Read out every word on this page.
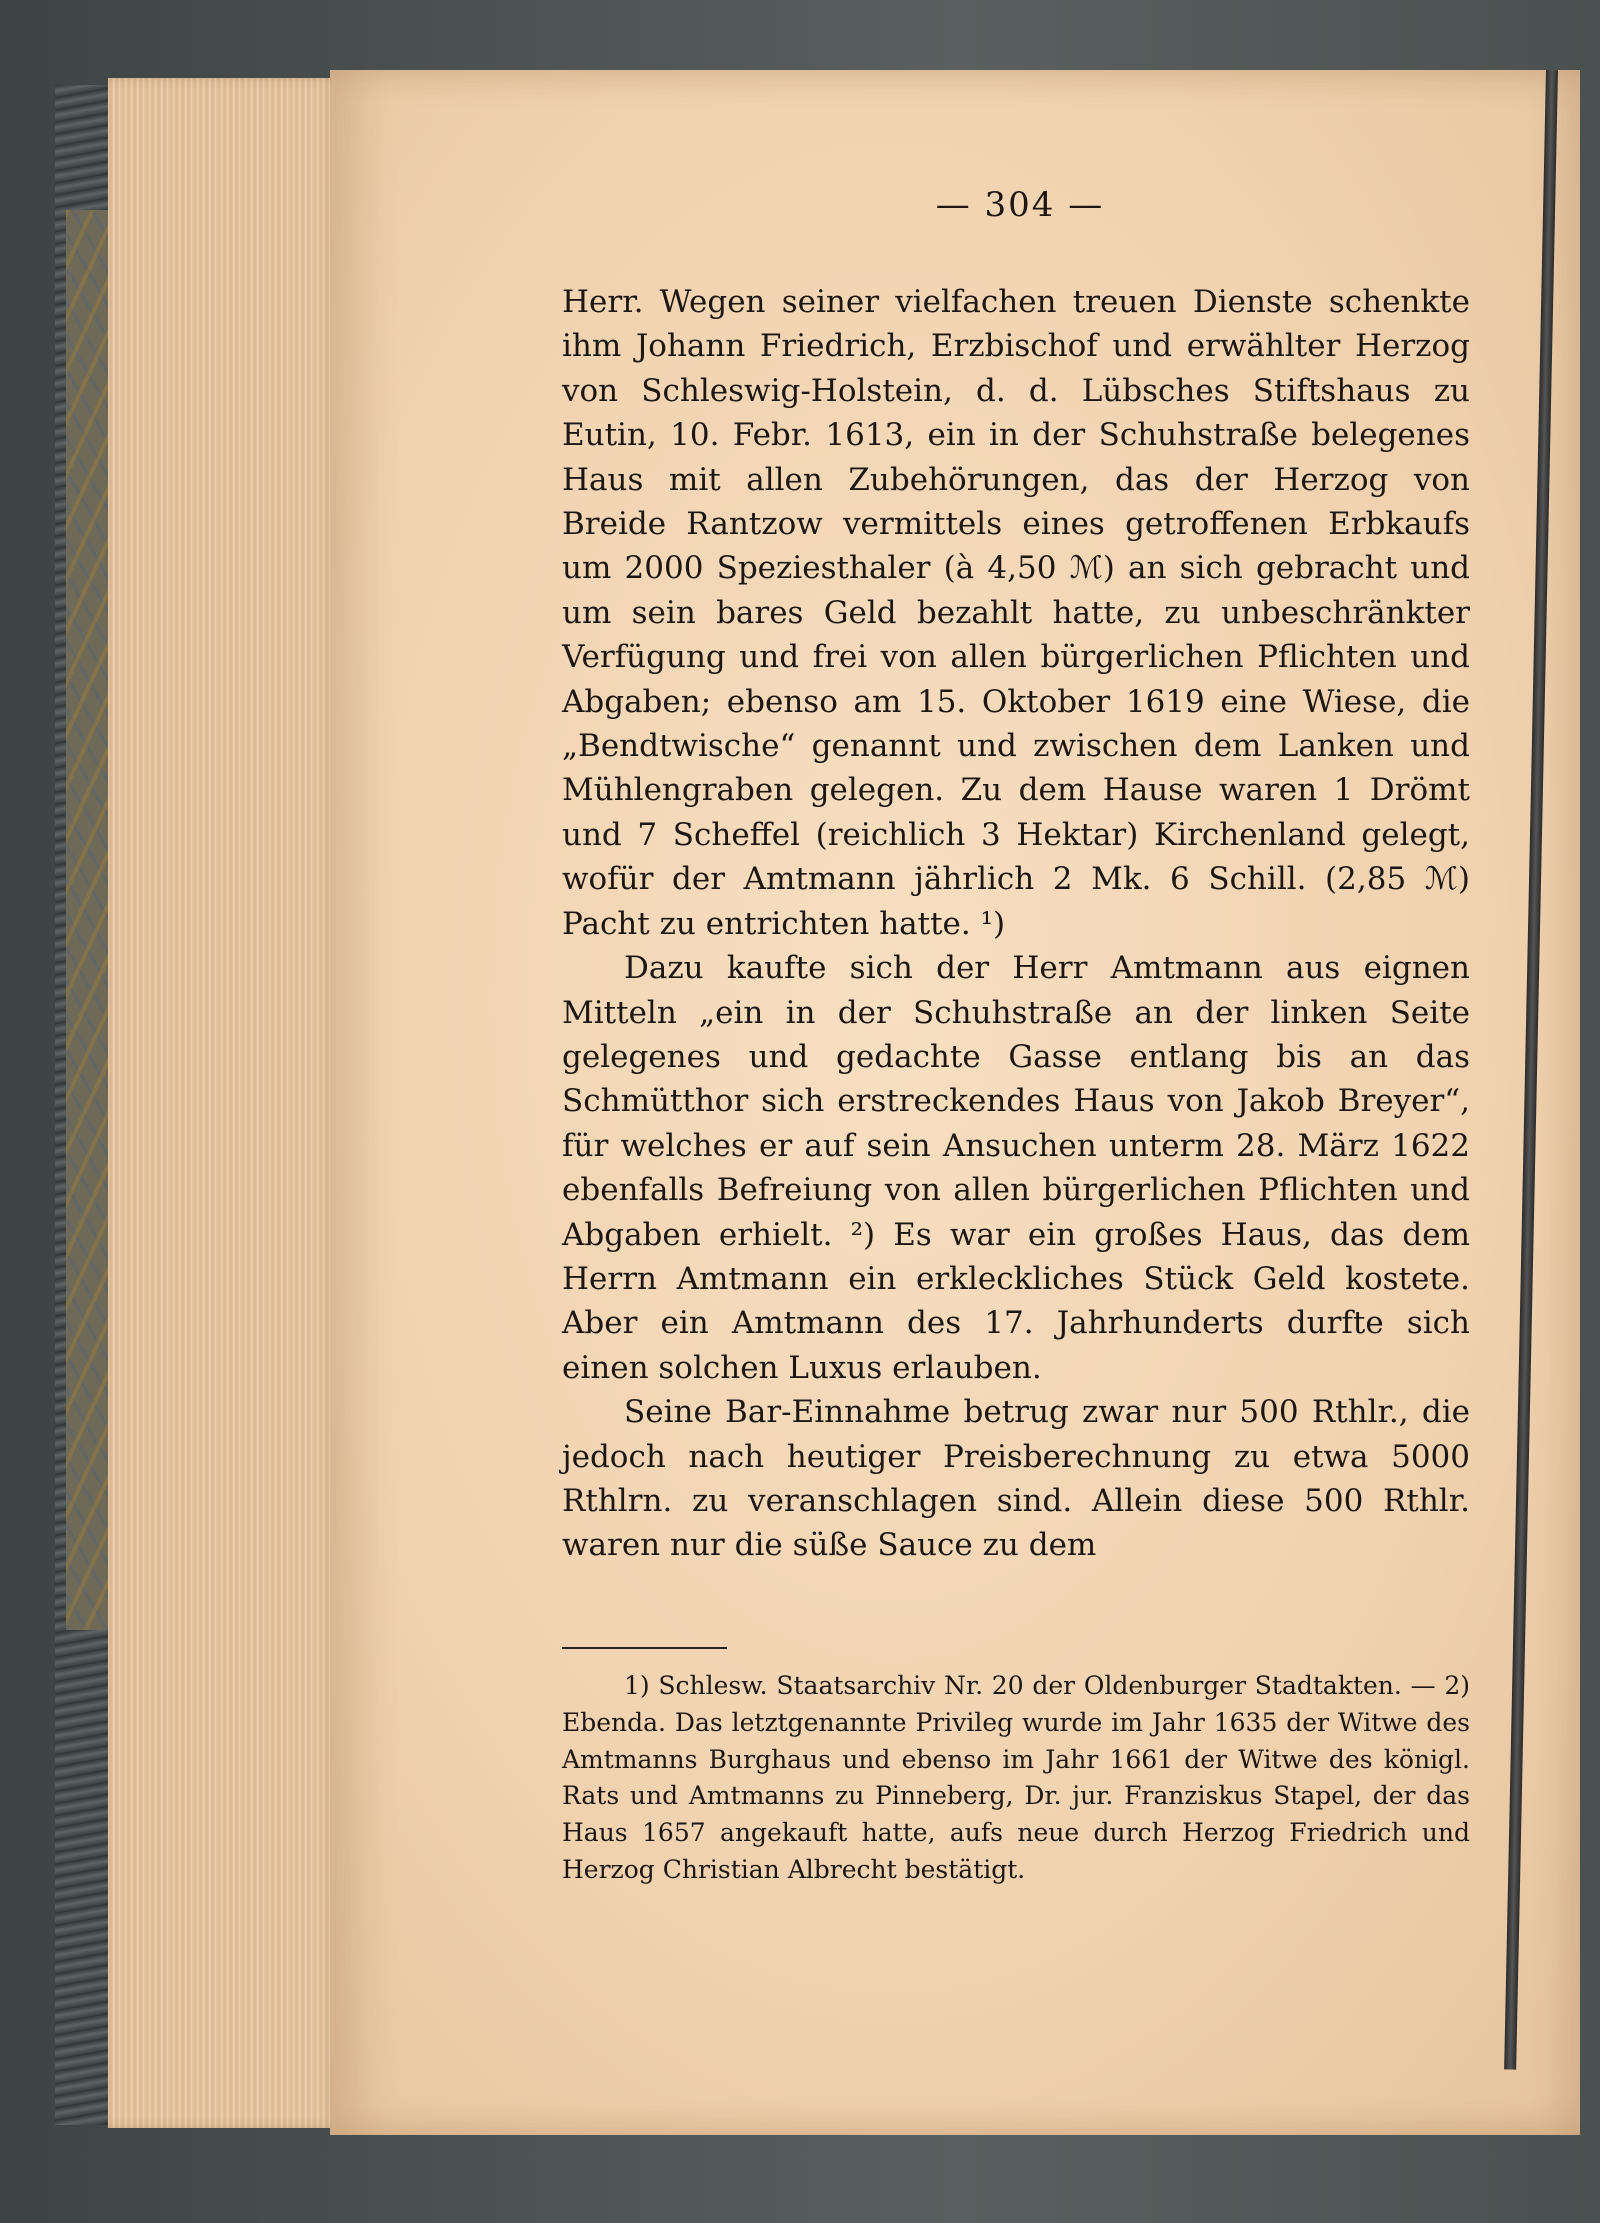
— 304 —

Herr. Wegen seiner vielfachen treuen Dienste schenkte ihm Johann Friedrich, Erzbischof und erwählter Herzog von Schleswig-Holstein, d. d. Lübsches Stiftshaus zu Eutin, 10. Febr. 1613, ein in der Schuhstraße belegenes Haus mit allen Zubehörungen, das der Herzog von Breide Rantzow vermittels eines getroffenen Erbkaufs um 2000 Speziesthaler (à 4,50 ℳ) an sich gebracht und um sein bares Geld bezahlt hatte, zu unbeschränkter Verfügung und frei von allen bürgerlichen Pflichten und Abgaben; ebenso am 15. Oktober 1619 eine Wiese, die „Bendtwische“ genannt und zwischen dem Lanken und Mühlengraben gelegen. Zu dem Hause waren 1 Drömt und 7 Scheffel (reichlich 3 Hektar) Kirchenland gelegt, wofür der Amtmann jährlich 2 Mk. 6 Schill. (2,85 ℳ) Pacht zu entrichten hatte. ¹)

Dazu kaufte sich der Herr Amtmann aus eignen Mitteln „ein in der Schuhstraße an der linken Seite gelegenes und gedachte Gasse entlang bis an das Schmütthor sich erstreckendes Haus von Jakob Breyer“, für welches er auf sein Ansuchen unterm 28. März 1622 ebenfalls Befreiung von allen bürgerlichen Pflichten und Abgaben erhielt. ²) Es war ein großes Haus, das dem Herrn Amtmann ein erkleckliches Stück Geld kostete. Aber ein Amtmann des 17. Jahrhunderts durfte sich einen solchen Luxus erlauben.

Seine Bar-Einnahme betrug zwar nur 500 Rthlr., die jedoch nach heutiger Preisberechnung zu etwa 5000 Rthlrn. zu veranschlagen sind. Allein diese 500 Rthlr. waren nur die süße Sauce zu dem

1) Schlesw. Staatsarchiv Nr. 20 der Oldenburger Stadtakten. — 2) Ebenda. Das letztgenannte Privileg wurde im Jahr 1635 der Witwe des Amtmanns Burghaus und ebenso im Jahr 1661 der Witwe des königl. Rats und Amtmanns zu Pinneberg, Dr. jur. Franziskus Stapel, der das Haus 1657 angekauft hatte, aufs neue durch Herzog Friedrich und Herzog Christian Albrecht bestätigt.
